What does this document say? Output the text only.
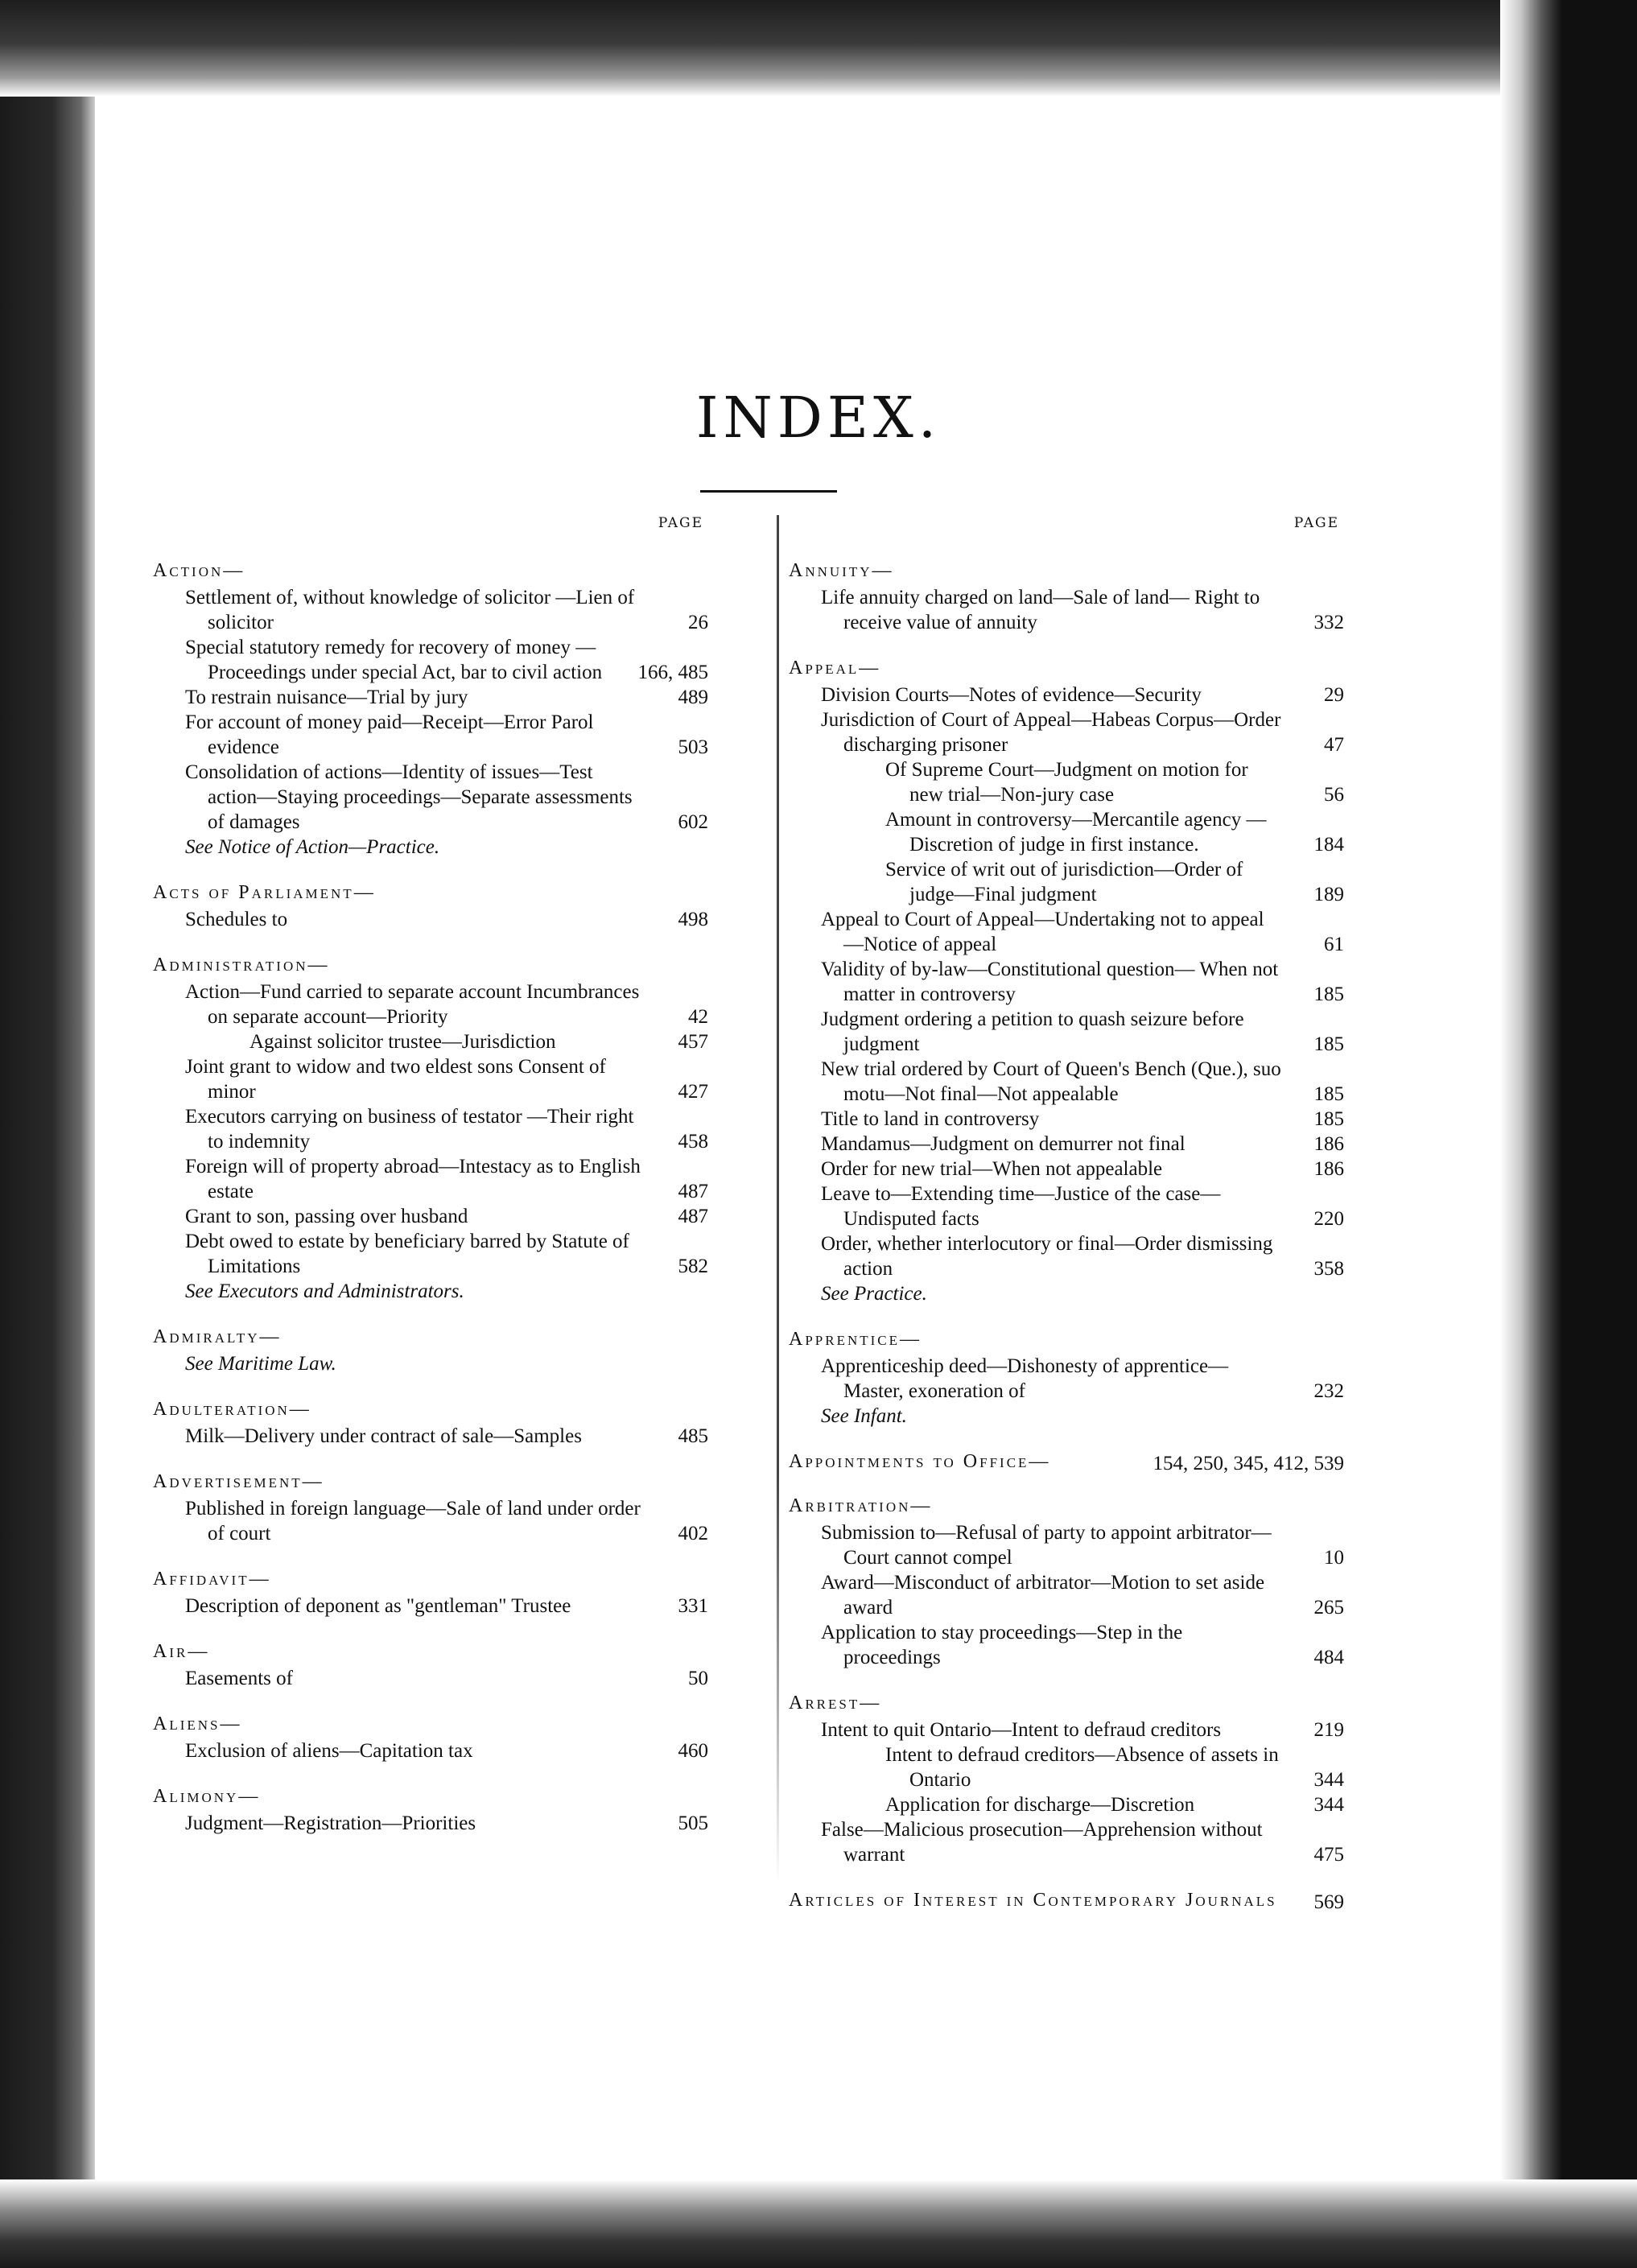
INDEX.
PAGE
Action—
Settlement of, without knowledge of solicitor —Lien of solicitor	26
Special statutory remedy for recovery of money —Proceedings under special Act, bar to civil action 166, 485
To restrain nuisance—Trial by jury	489
For account of money paid—Receipt—Error Parol evidence	503
Consolidation of actions—Identity of issues—Test action—Staying proceedings—Separate assessments of damages	602
See Notice of Action—Practice.
Acts of Parliament—
Schedules to	498
Administration—
Action—Fund carried to separate account Incumbrances on separate account—Priority	42
Against solicitor trustee—Jurisdiction	457
Joint grant to widow and two eldest sons Consent of minor	427
Executors carrying on business of testator —Their right to indemnity	458
Foreign will of property abroad—Intestacy as to English estate	487
Grant to son, passing over husband	487
Debt owed to estate by beneficiary barred by Statute of Limitations	582
See Executors and Administrators.
Admiralty—
See Maritime Law.
Adulteration—
Milk—Delivery under contract of sale—Samples	485
Advertisement—
Published in foreign language—Sale of land under order of court	402
Affidavit—
Description of deponent as "gentleman" Trustee	331
Air—
Easements of	50
Aliens—
Exclusion of aliens—Capitation tax	460
Alimony—
Judgment—Registration—Priorities	505
PAGE
Annuity—
Life annuity charged on land—Sale of land— Right to receive value of annuity	332
Appeal—
Division Courts—Notes of evidence—Security	29
Jurisdiction of Court of Appeal—Habeas Corpus—Order discharging prisoner	47
Of Supreme Court—Judgment on motion for new trial—Non-jury case	56
Amount in controversy—Mercantile agency —Discretion of judge in first instance.	184
Service of writ out of jurisdiction—Order of judge—Final judgment	189
Appeal to Court of Appeal—Undertaking not to appeal—Notice of appeal	61
Validity of by-law—Constitutional question— When not matter in controversy	185
Judgment ordering a petition to quash seizure before judgment	185
New trial ordered by Court of Queen's Bench (Que.), suo motu—Not final—Not appealable	185
Title to land in controversy	185
Mandamus—Judgment on demurrer not final	186
Order for new trial—When not appealable	186
Leave to—Extending time—Justice of the case—Undisputed facts	220
Order, whether interlocutory or final—Order dismissing action	358
See Practice.
Apprentice—
Apprenticeship deed—Dishonesty of apprentice—Master, exoneration of	232
See Infant.
Appointments to Office—	154, 250, 345, 412, 539
Arbitration—
Submission to—Refusal of party to appoint arbitrator—Court cannot compel	10
Award—Misconduct of arbitrator—Motion to set aside award	265
Application to stay proceedings—Step in the proceedings	484
Arrest—
Intent to quit Ontario—Intent to defraud creditors	219
Intent to defraud creditors—Absence of assets in Ontario	344
Application for discharge—Discretion	344
False—Malicious prosecution—Apprehension without warrant	475
Articles of Interest in Contemporary Journals	569
